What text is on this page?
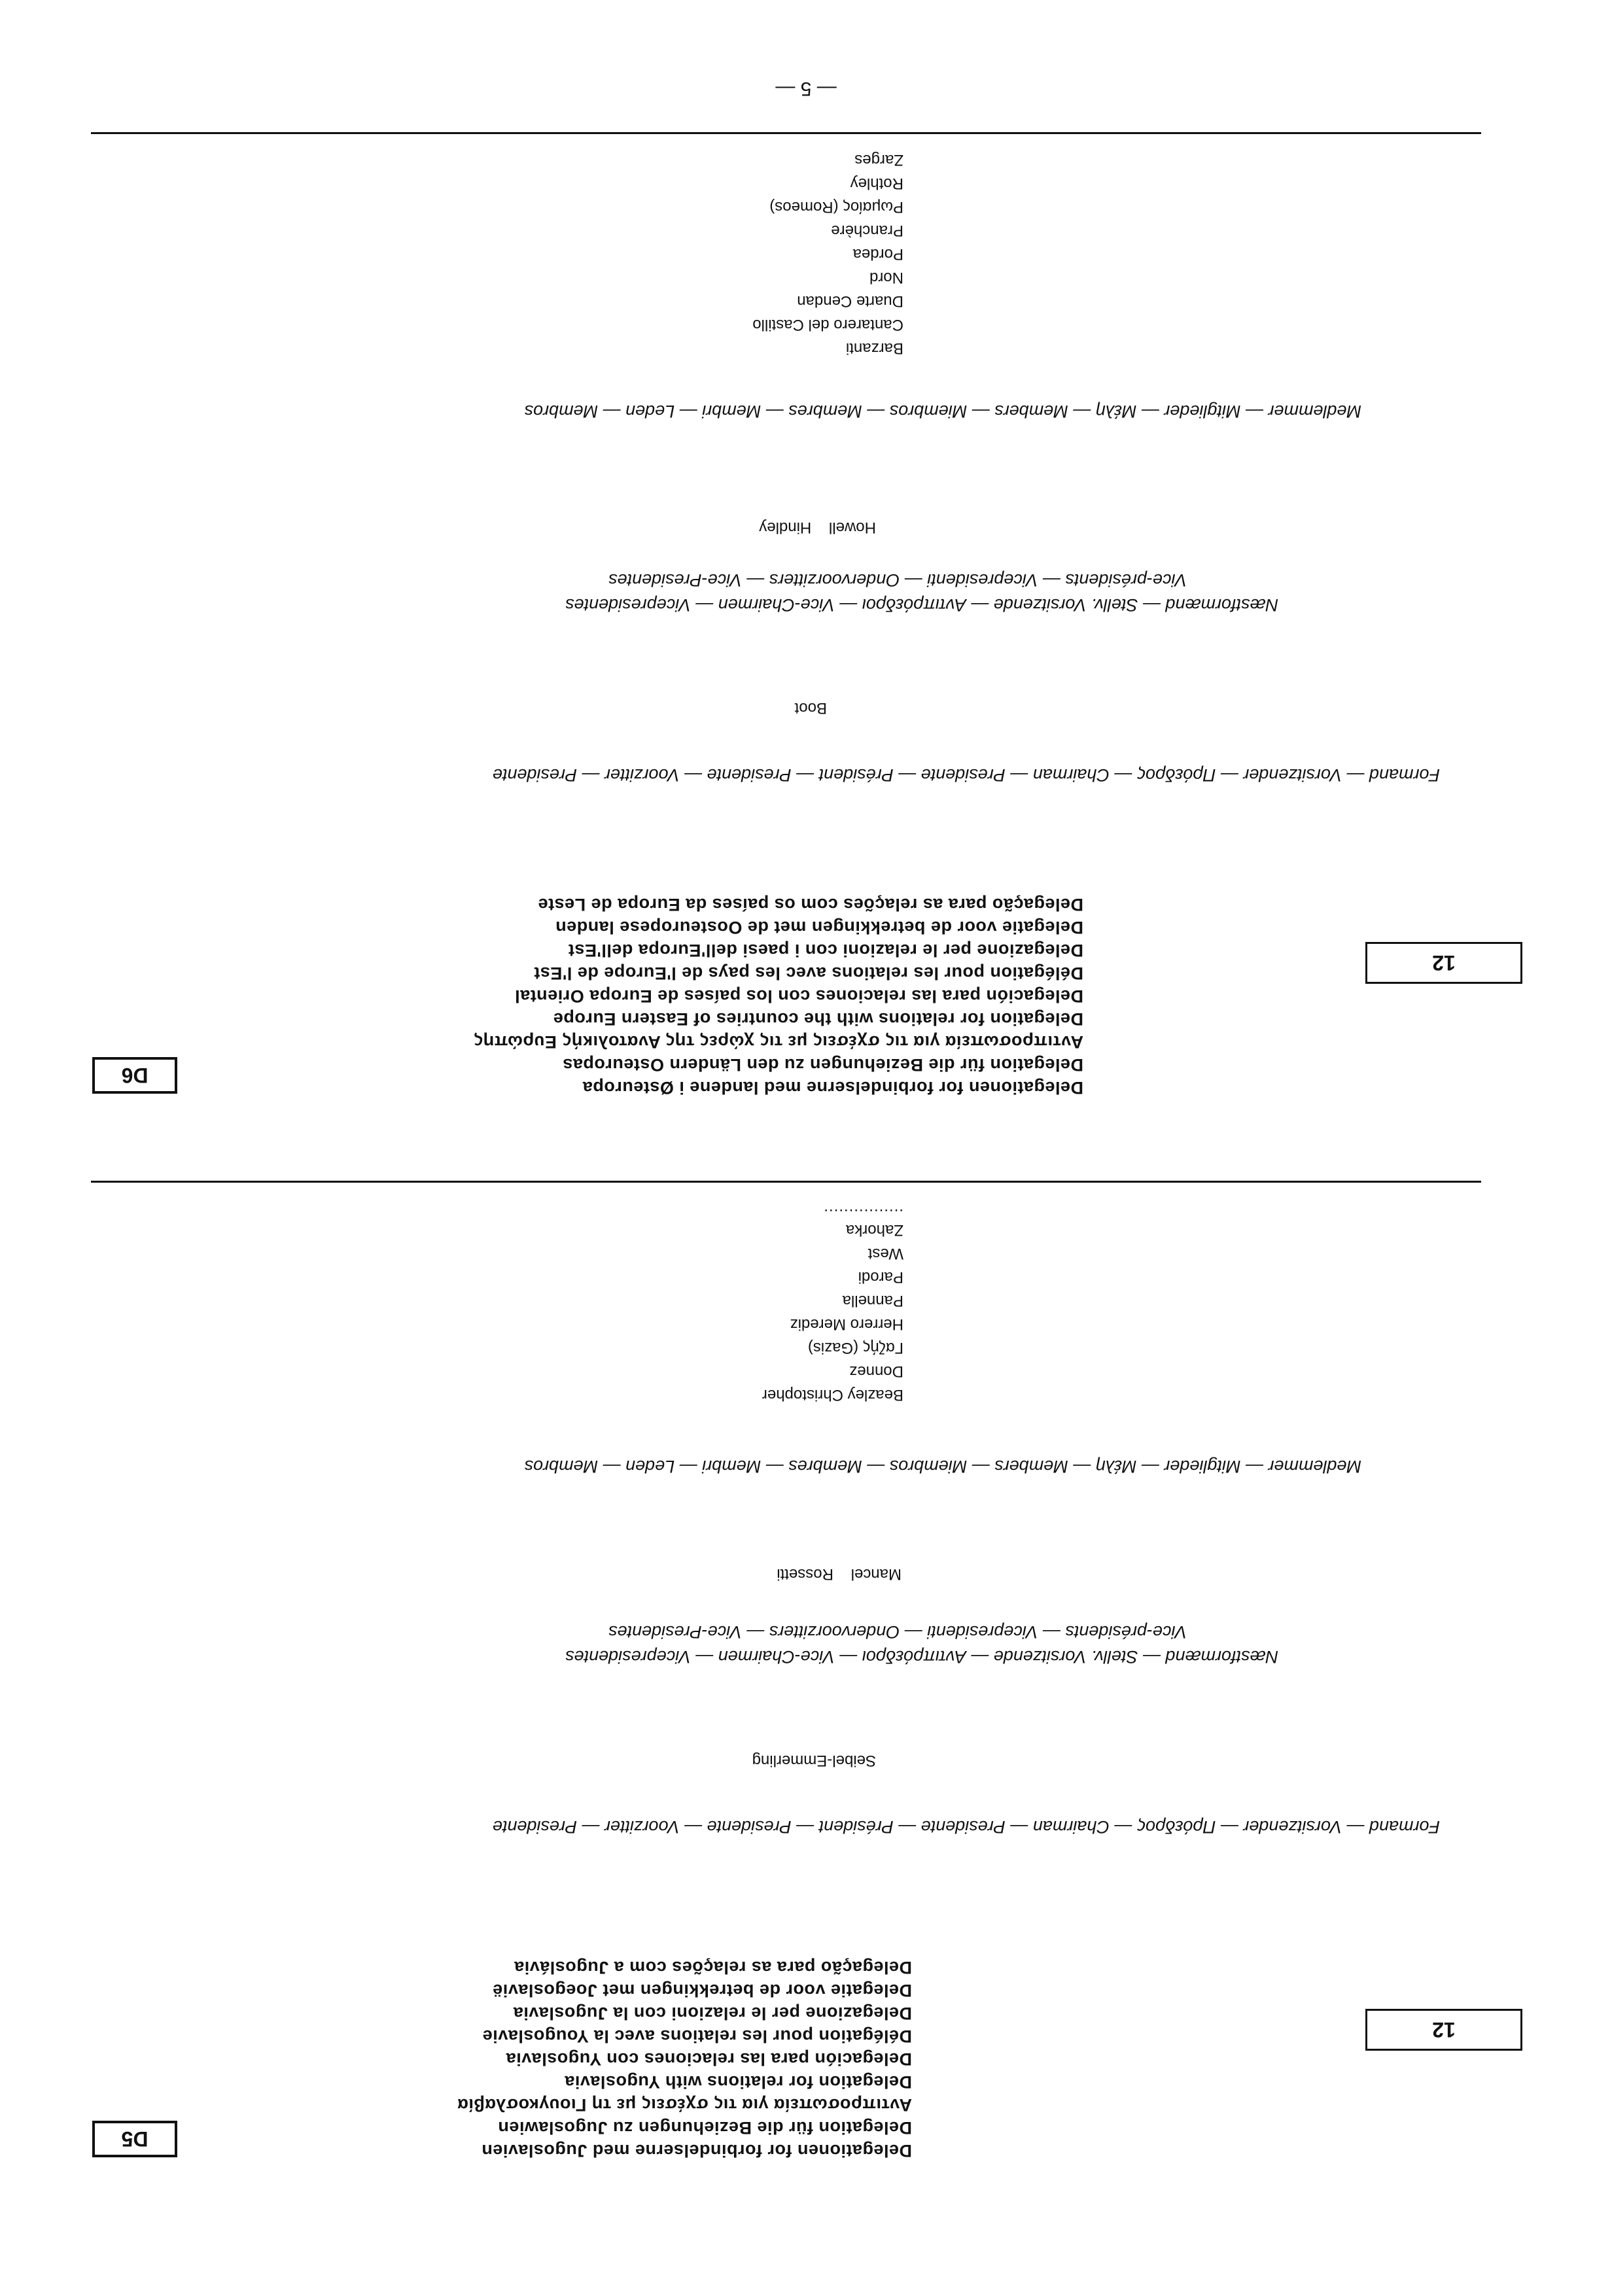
D5
12
Delegationen for forbindelserne med Jugoslavien
Delegation für die Beziehungen zu Jugoslawien
Αντιπροσωπεία για τις σχέσεις με τη Γιουγκοσλαβία
Delegation for relations with Yugoslavia
Delegación para las relaciones con Yugoslavia
Délégation pour les relations avec la Yougoslavie
Delegazione per le relazioni con la Jugoslavia
Delegatie voor de betrekkingen met Joegoslavië
Delegação para as relações com a Jugoslávia
Formand — Vorsitzender — Πρόεδρος — Chairman — Presidente — Président — Presidente — Voorzitter — Presidente
Seibel-Emmerling
Næstformænd — Stellv. Vorsitzende — Αντιπρόεδροι — Vice-Chairmen — Vicepresidentes
Vice-présidents — Vicepresidenti — Ondervoorzitters — Vice-Presidentes
Mancel    Rossetti
Medlemmer — Mitglieder — Μέλη — Members — Miembros — Membres — Membri — Leden — Membros
Beazley Christopher
Donnez
Γαζής (Gazis)
Herrero Merediz
Pannella
Parodi
West
Zahorka
................
D6
12
Delegationen for forbindelserne med landene i Østeuropa
Delegation für die Beziehungen zu den Ländern Osteuropas
Αντιπροσωπεία για τις σχέσεις με τις χώρες της Ανατολικής Ευρώπης
Delegation for relations with the countries of Eastern Europe
Delegación para las relaciones con los países de Europa Oriental
Délégation pour les relations avec les pays de l'Europe de l'Est
Delegazione per le relazioni con i paesi dell'Europa dell'Est
Delegatie voor de betrekkingen met de Oosteuropese landen
Delegação para as relações com os países da Europa de Leste
Formand — Vorsitzender — Πρόεδρος — Chairman — Presidente — Président — Presidente — Voorzitter — Presidente
Boot
Næstformænd — Stellv. Vorsitzende — Αντιπρόεδροι — Vice-Chairmen — Vicepresidentes
Vice-présidents — Vicepresidenti — Ondervoorzitters — Vice-Presidentes
Howell    Hindley
Medlemmer — Mitglieder — Μέλη — Members — Miembros — Membres — Membri — Leden — Membros
Barzanti
Cantarero del Castillo
Duarte Cendan
Nord
Pordea
Pranchère
Ρωμαίος (Romeos)
Rothley
Zarges
— 5 —
